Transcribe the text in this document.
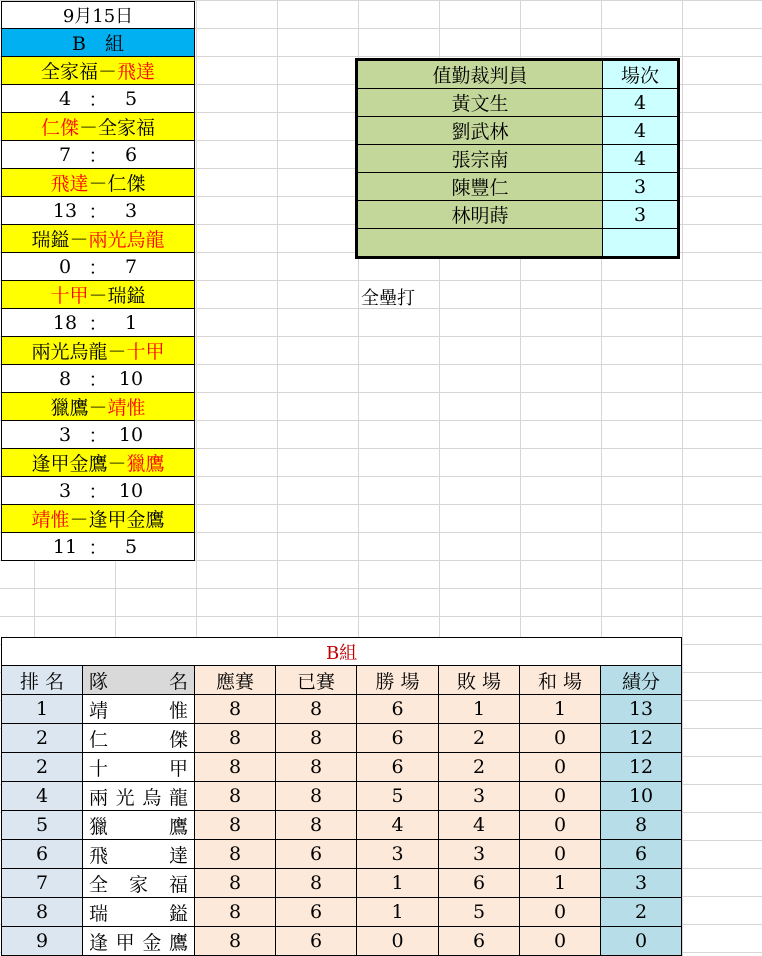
9月15日
B　組
全家福 － 飛達
4 ： 5
仁傑 － 全家福
7 ： 6
飛達 － 仁傑
13 ： 3
瑞鎰 － 兩光烏龍
0 ： 7
十甲 － 瑞鎰
18 ： 1
兩光烏龍 － 十甲
8 ： 10
獵鷹 － 靖惟
3 ： 10
逢甲金鷹 － 獵鷹
3 ： 10
靖惟 － 逢甲金鷹
11 ： 5
值勤裁判員	場次
黃文生	4
劉武林	4
張宗南	4
陳豐仁	3
林明蒔	3

全壘打
B組							
排 名	隊 名	應賽	已賽	勝 場	敗 場	和 場	績分
1	靖惟	8	8	6	1	1	13
2	仁傑	8	8	6	2	0	12
2	十甲	8	8	6	2	0	12
4	兩光烏龍	8	8	5	3	0	10
5	獵鷹	8	8	4	4	0	8
6	飛達	8	6	3	3	0	6
7	全家福	8	8	1	6	1	3
8	瑞鎰	8	6	1	5	0	2
9	逢甲金鷹	8	6	0	6	0	0
